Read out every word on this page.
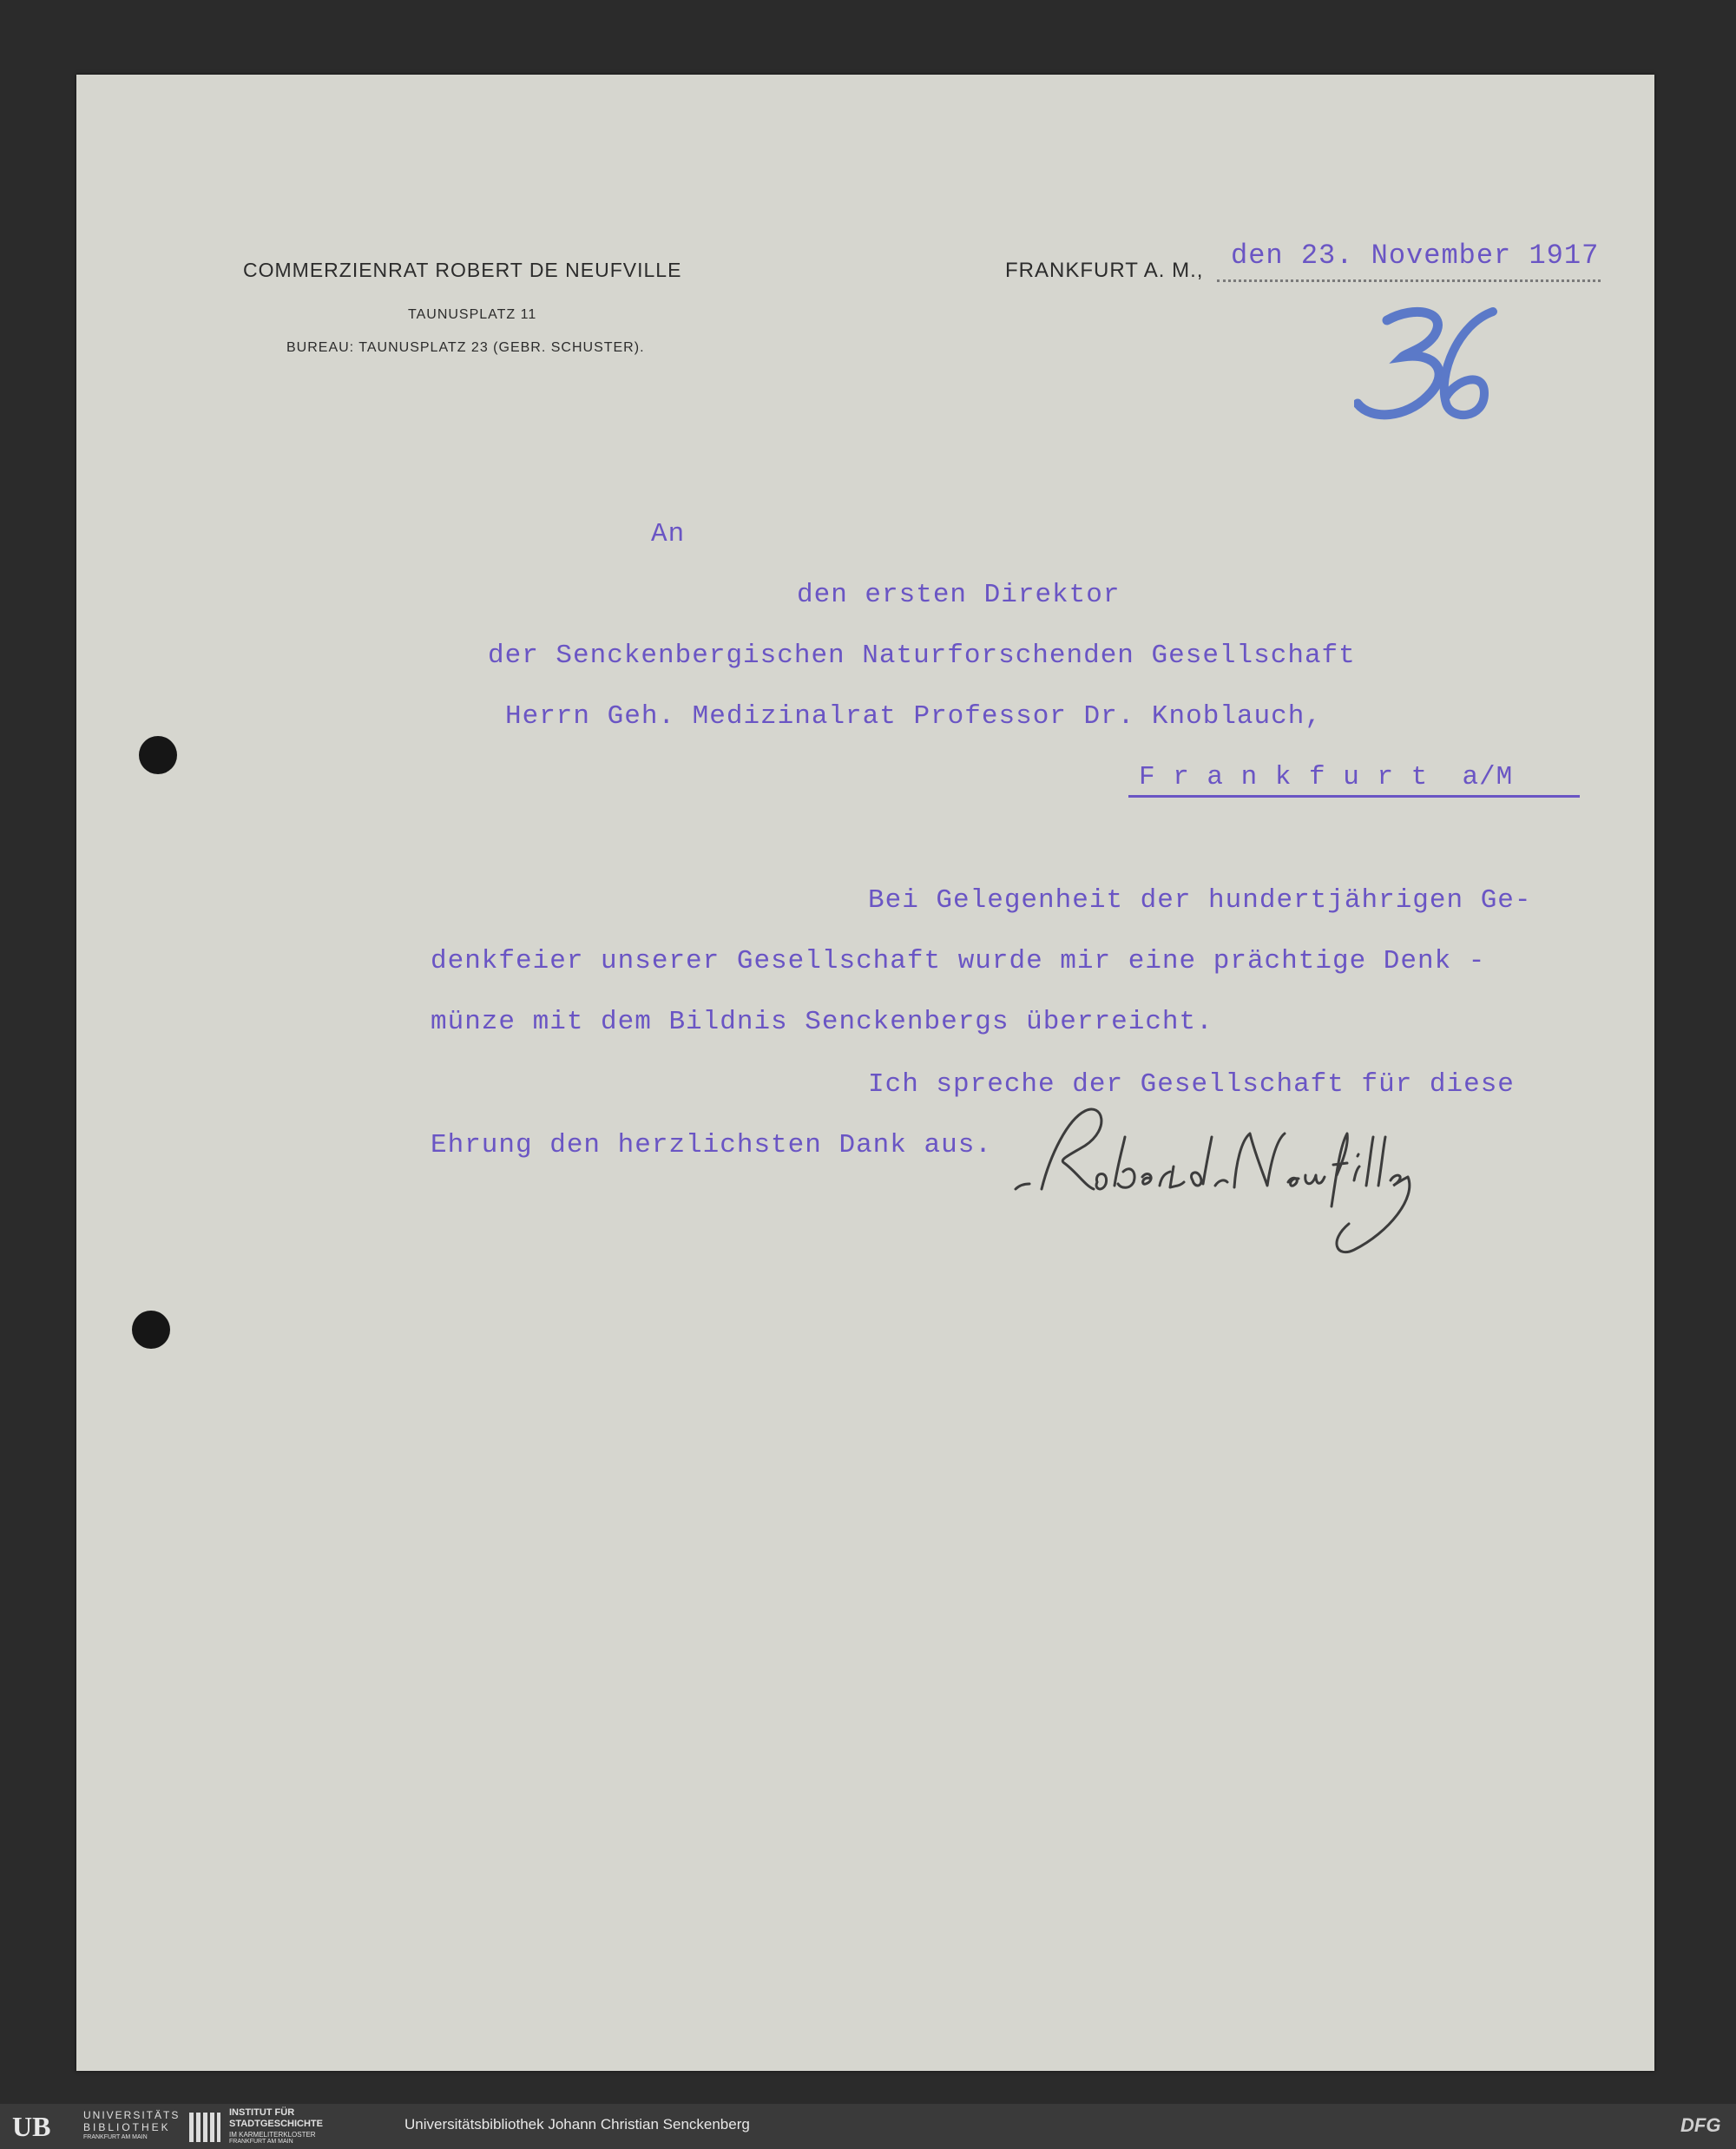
COMMERZIENRAT ROBERT DE NEUFVILLE
TAUNUSPLATZ 11
BUREAU: TAUNUSPLATZ 23 (GEBR. SCHUSTER).
FRANKFURT A. M., den 23. November 1917
An
den ersten Direktor
der Senckenbergischen Naturforschenden Gesellschaft
Herrn Geh. Medizinalrat Professor Dr. Knoblauch,
F r a n k f u r t  a/M
Bei Gelegenheit der hundertjährigen Ge-
denkfeier unserer Gesellschaft wurde mir eine prächtige Denk -
münze mit dem Bildnis Senckenbergs überreicht.
Ich spreche der Gesellschaft für diese
Ehrung den herzlichsten Dank aus.
UB	UNIVERSITÄTS
BIBLIOTHEK
FRANKFURT AM MAIN
INSTITUT FÜR
STADTGESCHICHTE
IM KARMELITERKLOSTER
FRANKFURT AM MAIN
Universitätsbibliothek Johann Christian Senckenberg	DFG
